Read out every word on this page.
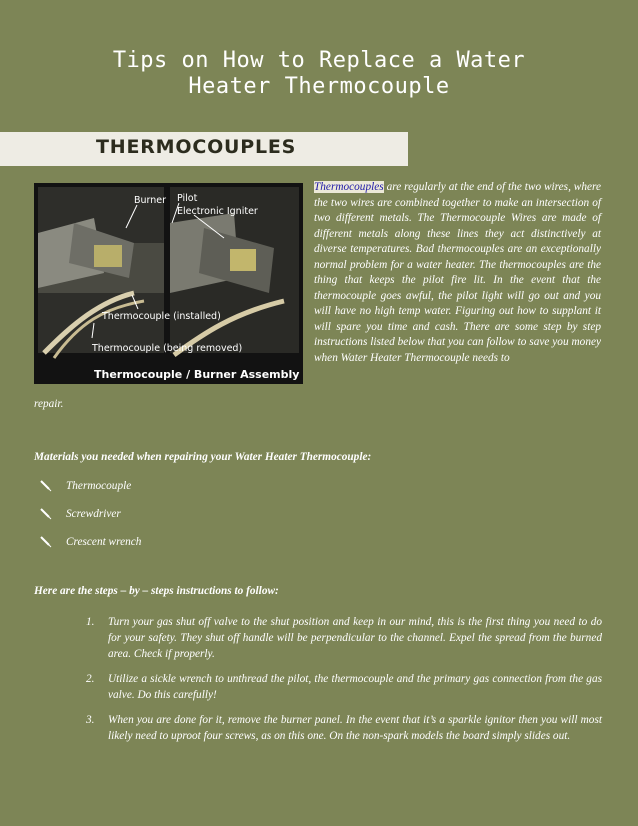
Tips on How to Replace a Water
Heater Thermocouple
THERMOCOUPLES
Burner Pilot
Electronic Igniter
Thermocouple (installed)
Thermocouple (being removed)
Thermocouple / Burner Assembly
Thermocouples are regularly at the end of the two wires, where the two wires are combined together to make an intersection of two different metals. The Thermocouple Wires are made of different metals along these lines they act distinctively at diverse temperatures. Bad thermocouples are an exceptionally normal problem for a water heater. The thermocouples are the thing that keeps the pilot fire lit. In the event that the thermocouple goes awful, the pilot light will go out and you will have no high temp water. Figuring out how to supplant it will spare you time and cash. There are some step by step instructions listed below that you can follow to save you money when Water Heater Thermocouple needs to
repair.
Materials you needed when repairing your Water Heater Thermocouple:
Thermocouple
Screwdriver
Crescent wrench
Here are the steps – by – steps instructions to follow:
1. Turn your gas shut off valve to the shut position and keep in our mind, this is the first thing you need to do for your safety. They shut off handle will be perpendicular to the channel. Expel the spread from the burned area. Check if properly.
2. Utilize a sickle wrench to unthread the pilot, the thermocouple and the primary gas connection from the gas valve. Do this carefully!
3. When you are done for it, remove the burner panel. In the event that it’s a sparkle ignitor then you will most likely need to uproot four screws, as on this one. On the non-spark models the board simply slides out.
